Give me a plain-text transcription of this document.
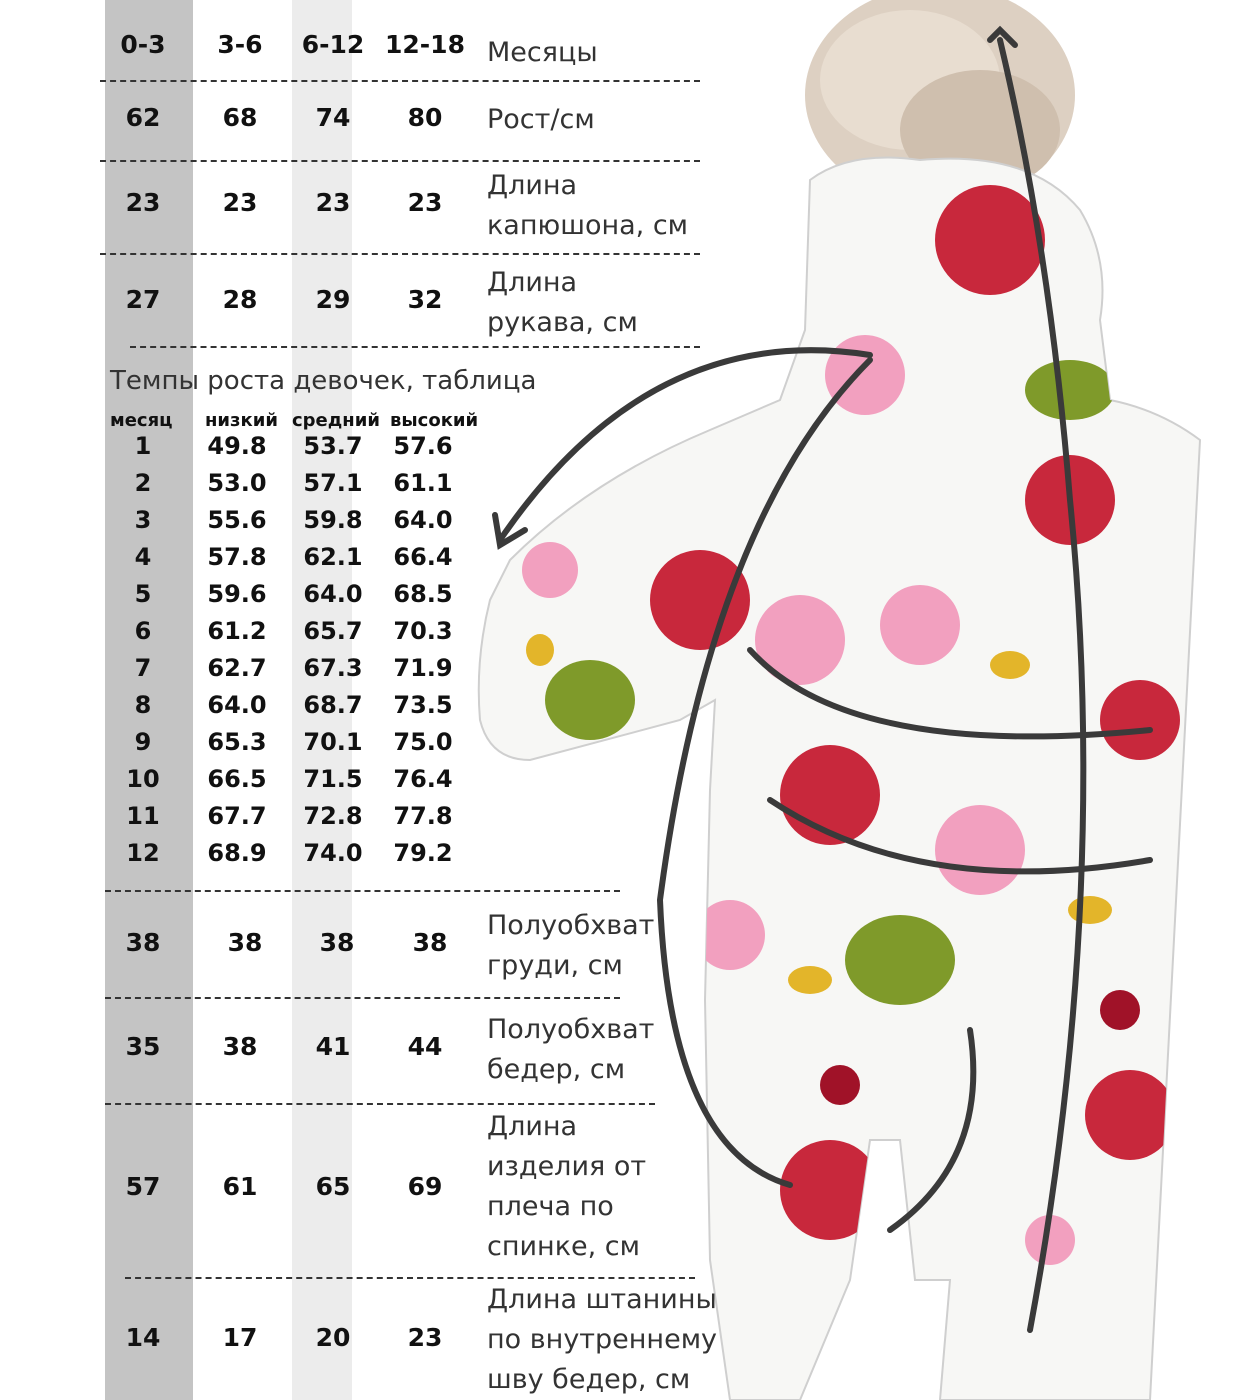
0-3	3-6	6-12 12-18 Месяцы
62	68	74	80	Рост/см
23	23	23	23
Длина
капюшона, см
27	28	29	32
Длина
рукава, см
Темпы роста девочек, таблица
месяц низкий средний высокий
1	49.8	53.7	57.6
2	53.0	57.1	61.1
3	55.6	59.8	64.0
4	57.8	62.1	66.4
5	59.6	64.0	68.5
6	61.2	65.7	70.3
7	62.7	67.3	71.9
8	64.0	68.7	73.5
9	65.3	70.1	75.0
10	66.5	71.5	76.4
11	67.7	72.8	77.8
12	68.9	74.0	79.2
38	38	38	38
Полуобхват
груди, см
35	38	41	44
Полуобхват
бедер, см
57	61	65	69
Длина
изделия от
плеча по
спинке, см
14	17	20	23
Длина штанины
по внутреннему
шву бедер, см
